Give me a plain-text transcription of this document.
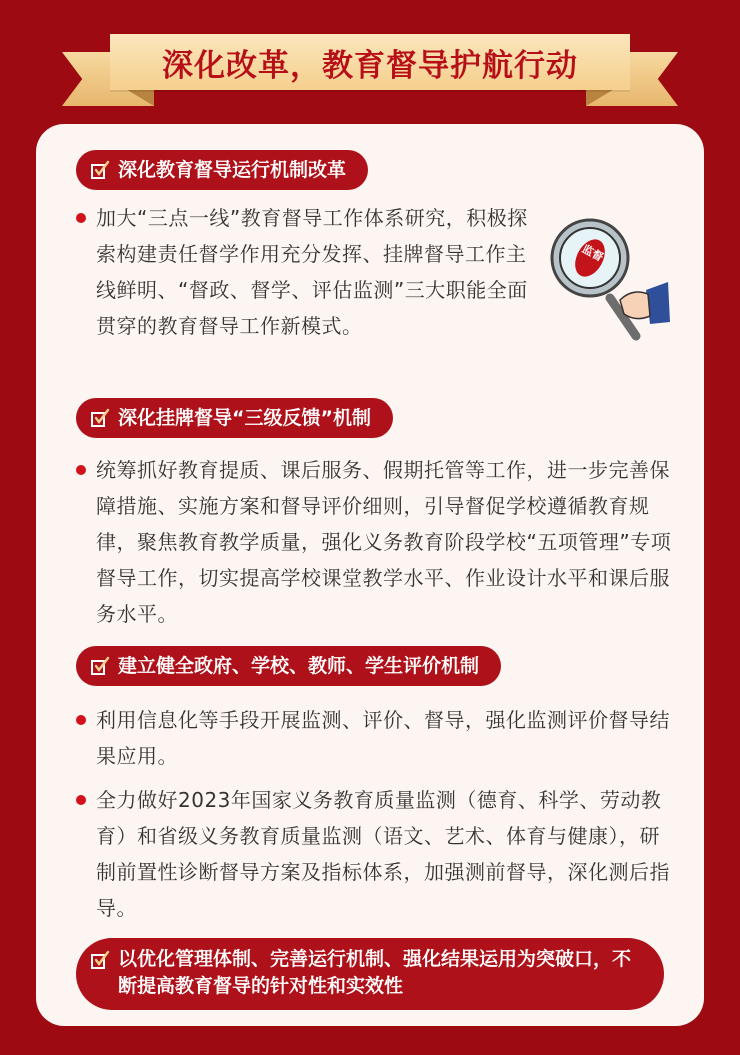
深化改革，教育督导护航行动
深化教育督导运行机制改革
加大“三点一线”教育督导工作体系研究，积极探索构建责任督学作用充分发挥、挂牌督导工作主线鲜明、“督政、督学、评估监测”三大职能全面贯穿的教育督导工作新模式。
监督
深化挂牌督导“三级反馈”机制
统筹抓好教育提质、课后服务、假期托管等工作，进一步完善保障措施、实施方案和督导评价细则，引导督促学校遵循教育规律，聚焦教育教学质量，强化义务教育阶段学校“五项管理”专项督导工作，切实提高学校课堂教学水平、作业设计水平和课后服务水平。
建立健全政府、学校、教师、学生评价机制
利用信息化等手段开展监测、评价、督导，强化监测评价督导结果应用。
全力做好2023年国家义务教育质量监测（德育、科学、劳动教育）和省级义务教育质量监测（语文、艺术、体育与健康），研制前置性诊断督导方案及指标体系，加强测前督导，深化测后指导。
以优化管理体制、完善运行机制、强化结果运用为突破口，不断提高教育督导的针对性和实效性
